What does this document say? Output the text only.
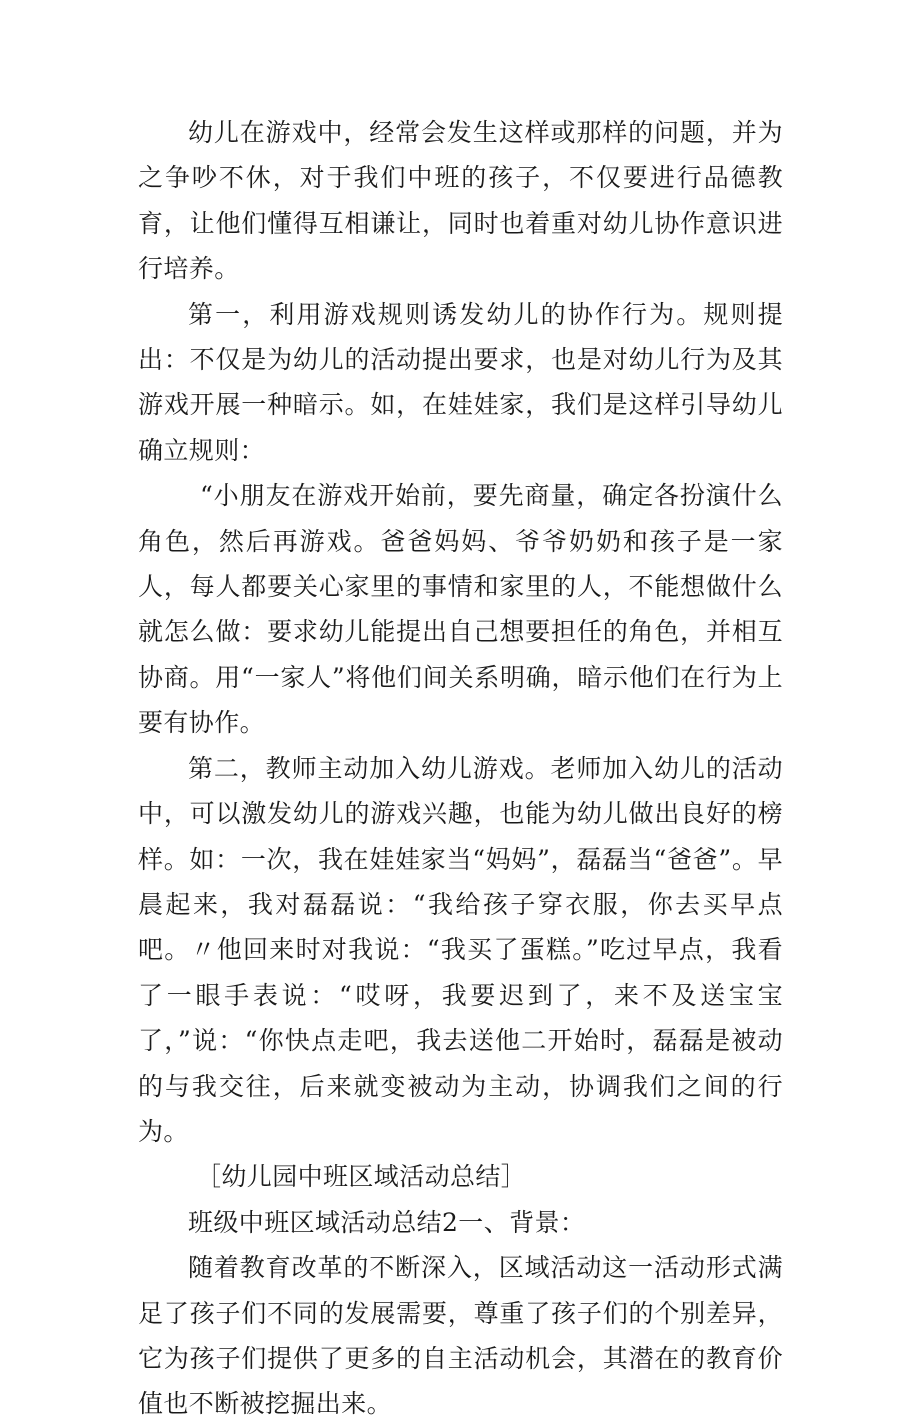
幼儿在游戏中，经常会发生这样或那样的问题，并为之争吵不休，对于我们中班的孩子，不仅要进行品德教育，让他们懂得互相谦让，同时也着重对幼儿协作意识进行培养。

第一，利用游戏规则诱发幼儿的协作行为。规则提出：不仅是为幼儿的活动提出要求，也是对幼儿行为及其游戏开展一种暗示。如，在娃娃家，我们是这样引导幼儿确立规则：

“小朋友在游戏开始前，要先商量，确定各扮演什么角色，然后再游戏。爸爸妈妈、爷爷奶奶和孩子是一家人，每人都要关心家里的事情和家里的人，不能想做什么就怎么做：要求幼儿能提出自己想要担任的角色，并相互协商。用“一家人”将他们间关系明确，暗示他们在行为上要有协作。

第二，教师主动加入幼儿游戏。老师加入幼儿的活动中，可以激发幼儿的游戏兴趣，也能为幼儿做出良好的榜样。如：一次，我在娃娃家当“妈妈”，磊磊当“爸爸”。早晨起来，我对磊磊说：“我给孩子穿衣服，你去买早点吧。〃他回来时对我说：“我买了蛋糕。”吃过早点，我看了一眼手表说：“哎呀，我要迟到了，来不及送宝宝了，”说：“你快点走吧，我去送他二开始时，磊磊是被动的与我交往，后来就变被动为主动，协调我们之间的行为。

［幼儿园中班区域活动总结］

班级中班区域活动总结2一、背景：

随着教育改革的不断深入，区域活动这一活动形式满足了孩子们不同的发展需要，尊重了孩子们的个别差异，它为孩子们提供了更多的自主活动机会，其潜在的教育价值也不断被挖掘出来。
